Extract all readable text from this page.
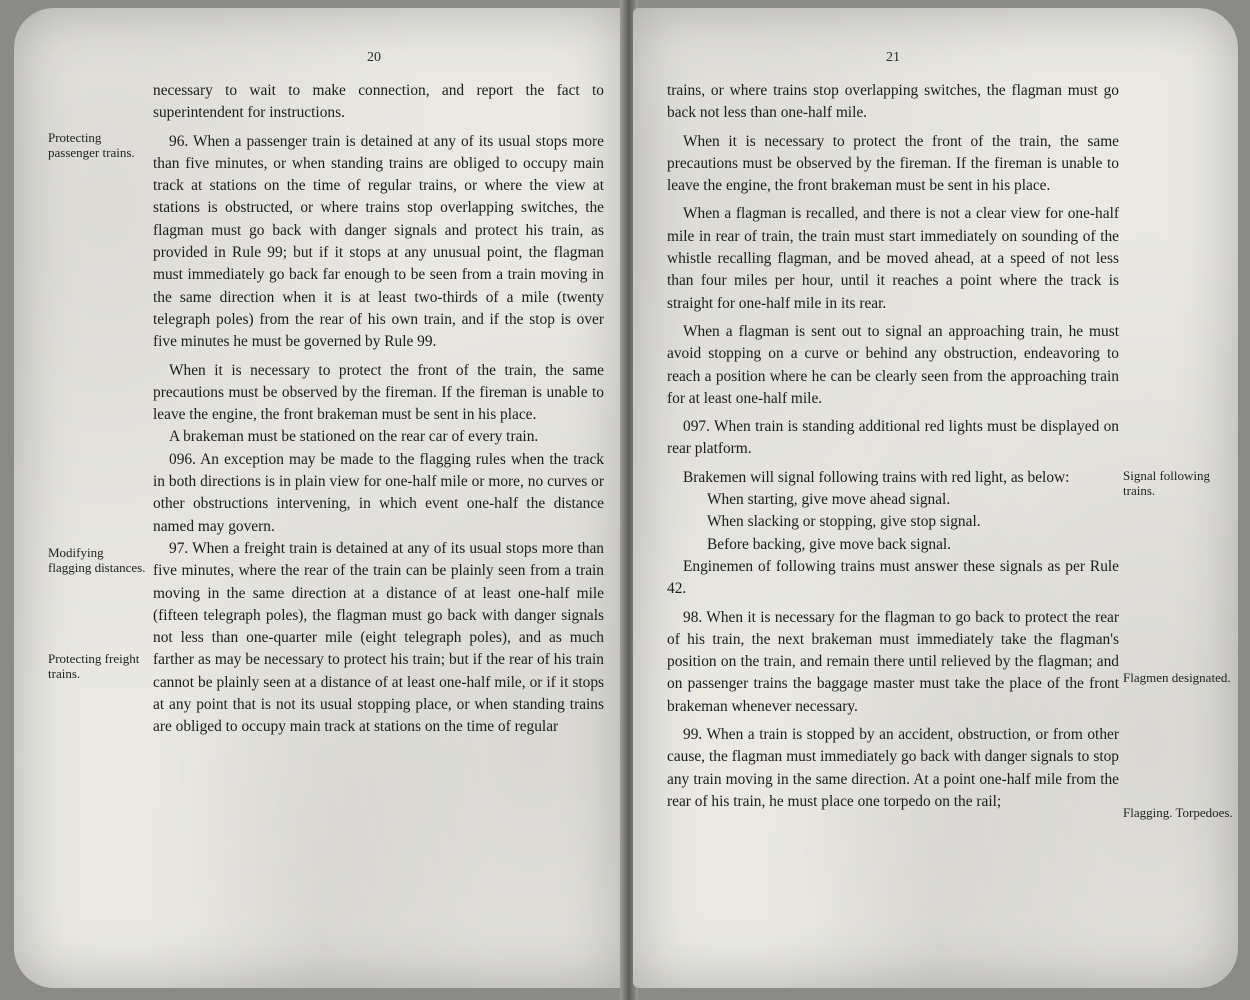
20
Protecting passenger trains.
Modifying flagging distances.
Protecting freight trains.

necessary to wait to make connection, and report the fact to superintendent for instructions.

96. When a passenger train is detained at any of its usual stops more than five minutes, or when standing trains are obliged to occupy main track at stations on the time of regular trains, or where the view at stations is obstructed, or where trains stop overlapping switches, the flagman must go back with danger signals and protect his train, as provided in Rule 99; but if it stops at any unusual point, the flagman must immediately go back far enough to be seen from a train moving in the same direction when it is at least two-thirds of a mile (twenty telegraph poles) from the rear of his own train, and if the stop is over five minutes he must be governed by Rule 99.

When it is necessary to protect the front of the train, the same precautions must be observed by the fireman. If the fireman is unable to leave the engine, the front brakeman must be sent in his place.

A brakeman must be stationed on the rear car of every train.

096. An exception may be made to the flagging rules when the track in both directions is in plain view for one-half mile or more, no curves or other obstructions intervening, in which event one-half the distance named may govern.

97. When a freight train is detained at any of its usual stops more than five minutes, where the rear of the train can be plainly seen from a train moving in the same direction at a distance of at least one-half mile (fifteen telegraph poles), the flagman must go back with danger signals not less than one-quarter mile (eight telegraph poles), and as much farther as may be necessary to protect his train; but if the rear of his train cannot be plainly seen at a distance of at least one-half mile, or if it stops at any point that is not its usual stopping place, or when standing trains are obliged to occupy main track at stations on the time of regular

21
Signal following trains.
Flagmen designated.
Flagging. Torpedoes.

trains, or where trains stop overlapping switches, the flagman must go back not less than one-half mile.

When it is necessary to protect the front of the train, the same precautions must be observed by the fireman. If the fireman is unable to leave the engine, the front brakeman must be sent in his place.

When a flagman is recalled, and there is not a clear view for one-half mile in rear of train, the train must start immediately on sounding of the whistle recalling flagman, and be moved ahead, at a speed of not less than four miles per hour, until it reaches a point where the track is straight for one-half mile in its rear.

When a flagman is sent out to signal an approaching train, he must avoid stopping on a curve or behind any obstruction, endeavoring to reach a position where he can be clearly seen from the approaching train for at least one-half mile.

097. When train is standing additional red lights must be displayed on rear platform.

Brakemen will signal following trains with red light, as below:

When starting, give move ahead signal.

When slacking or stopping, give stop signal.

Before backing, give move back signal.

Enginemen of following trains must answer these signals as per Rule 42.

98. When it is necessary for the flagman to go back to protect the rear of his train, the next brakeman must immediately take the flagman's position on the train, and remain there until relieved by the flagman; and on passenger trains the baggage master must take the place of the front brakeman whenever necessary.

99. When a train is stopped by an accident, obstruction, or from other cause, the flagman must immediately go back with danger signals to stop any train moving in the same direction. At a point one-half mile from the rear of his train, he must place one torpedo on the rail;
